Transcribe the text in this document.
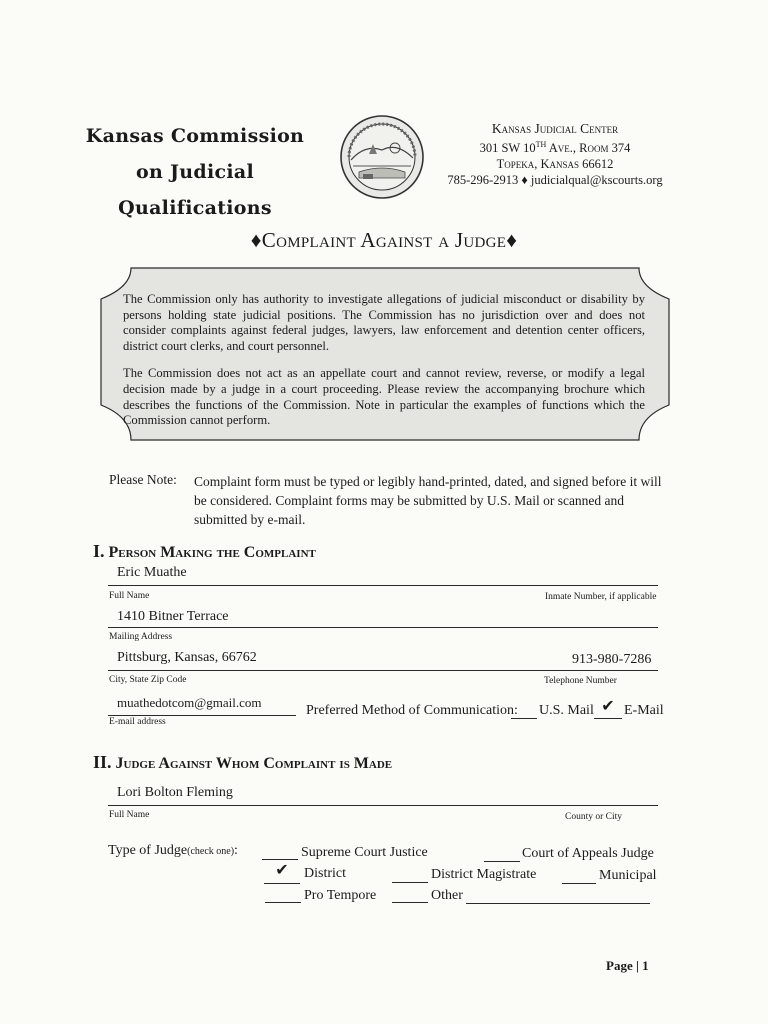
Kansas Commission
on Judicial Qualifications
Kansas Judicial Center
301 SW 10TH Ave., Room 374
Topeka, Kansas 66612
785-296-2913 ♦ judicialqual@kscourts.org
♦Complaint Against a Judge♦

The Commission only has authority to investigate allegations of judicial misconduct or disability by persons holding state judicial positions. The Commission has no jurisdiction over and does not consider complaints against federal judges, lawyers, law enforcement and detention center officers, district court clerks, and court personnel.

The Commission does not act as an appellate court and cannot review, reverse, or modify a legal decision made by a judge in a court proceeding. Please review the accompanying brochure which describes the functions of the Commission. Note in particular the examples of functions which the Commission cannot perform.

Please Note: Complaint form must be typed or legibly hand-printed, dated, and signed before it will be considered. Complaint forms may be submitted by U.S. Mail or scanned and submitted by e-mail.
I. Person Making the Complaint
Eric Muathe
Full Name	Inmate Number, if applicable
1410 Bitner Terrace
Mailing Address
Pittsburg, Kansas, 66762	913-980-7286
City, State Zip Code	Telephone Number
muathedotcom@gmail.com
E-mail address
Preferred Method of Communication: U.S. Mail ✔ E-Mail
II. Judge Against Whom Complaint is Made
Lori Bolton Fleming
Full Name	County or City
Type of Judge(check one):	Supreme Court Justice	Court of Appeals Judge
✔	District	District Magistrate	Municipal
Pro Tempore	Other
Page | 1
